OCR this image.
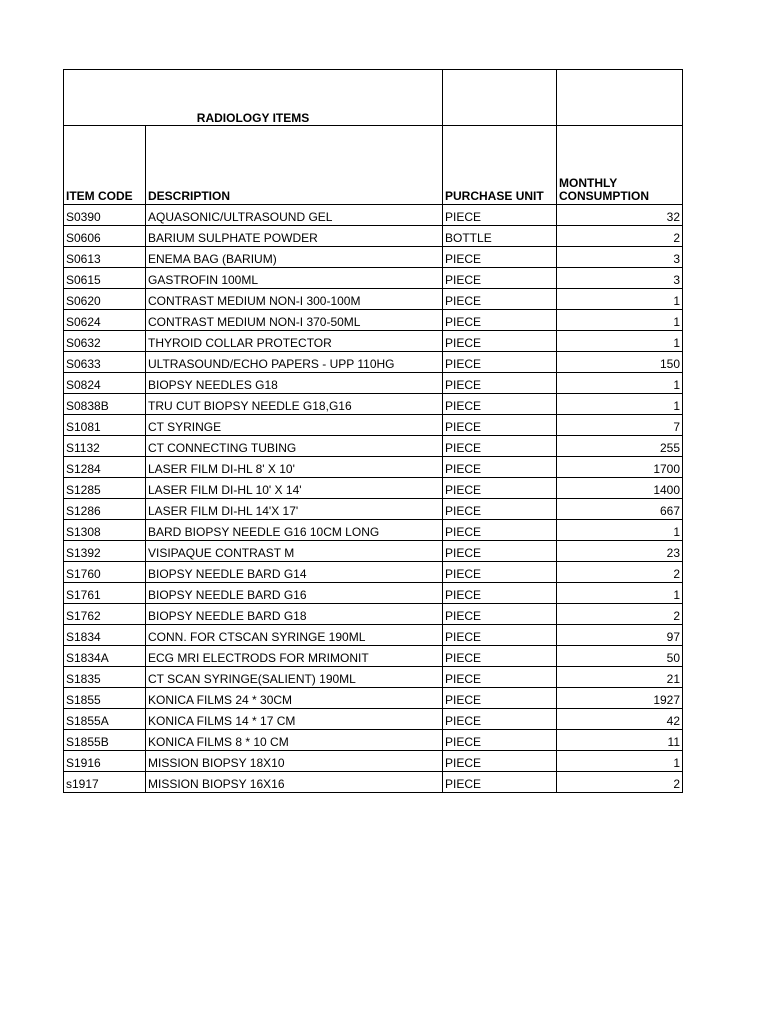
RADIOLOGY ITEMS			
ITEM CODE	DESCRIPTION	PURCHASE UNIT	MONTHLY
CONSUMPTION
S0390	AQUASONIC/ULTRASOUND GEL	PIECE	32
S0606	BARIUM SULPHATE POWDER	BOTTLE	2
S0613	ENEMA BAG (BARIUM)	PIECE	3
S0615	GASTROFIN 100ML	PIECE	3
S0620	CONTRAST MEDIUM NON-I 300-100M	PIECE	1
S0624	CONTRAST MEDIUM NON-I 370-50ML	PIECE	1
S0632	THYROID COLLAR PROTECTOR	PIECE	1
S0633	ULTRASOUND/ECHO PAPERS - UPP 110HG	PIECE	150
S0824	BIOPSY NEEDLES G18	PIECE	1
S0838B	TRU CUT BIOPSY NEEDLE G18,G16	PIECE	1
S1081	CT SYRINGE	PIECE	7
S1132	CT CONNECTING TUBING	PIECE	255
S1284	LASER FILM DI-HL 8' X 10'	PIECE	1700
S1285	LASER FILM DI-HL 10' X 14'	PIECE	1400
S1286	LASER FILM DI-HL 14'X 17'	PIECE	667
S1308	BARD BIOPSY NEEDLE G16 10CM LONG	PIECE	1
S1392	VISIPAQUE CONTRAST M	PIECE	23
S1760	BIOPSY NEEDLE BARD G14	PIECE	2
S1761	BIOPSY NEEDLE BARD G16	PIECE	1
S1762	BIOPSY NEEDLE BARD G18	PIECE	2
S1834	CONN. FOR CTSCAN SYRINGE 190ML	PIECE	97
S1834A	ECG MRI ELECTRODS FOR MRIMONIT	PIECE	50
S1835	CT SCAN SYRINGE(SALIENT) 190ML	PIECE	21
S1855	KONICA FILMS 24 * 30CM	PIECE	1927
S1855A	KONICA FILMS 14 * 17 CM	PIECE	42
S1855B	KONICA FILMS 8 * 10 CM	PIECE	11
S1916	MISSION BIOPSY 18X10	PIECE	1
s1917	MISSION BIOPSY 16X16	PIECE	2
